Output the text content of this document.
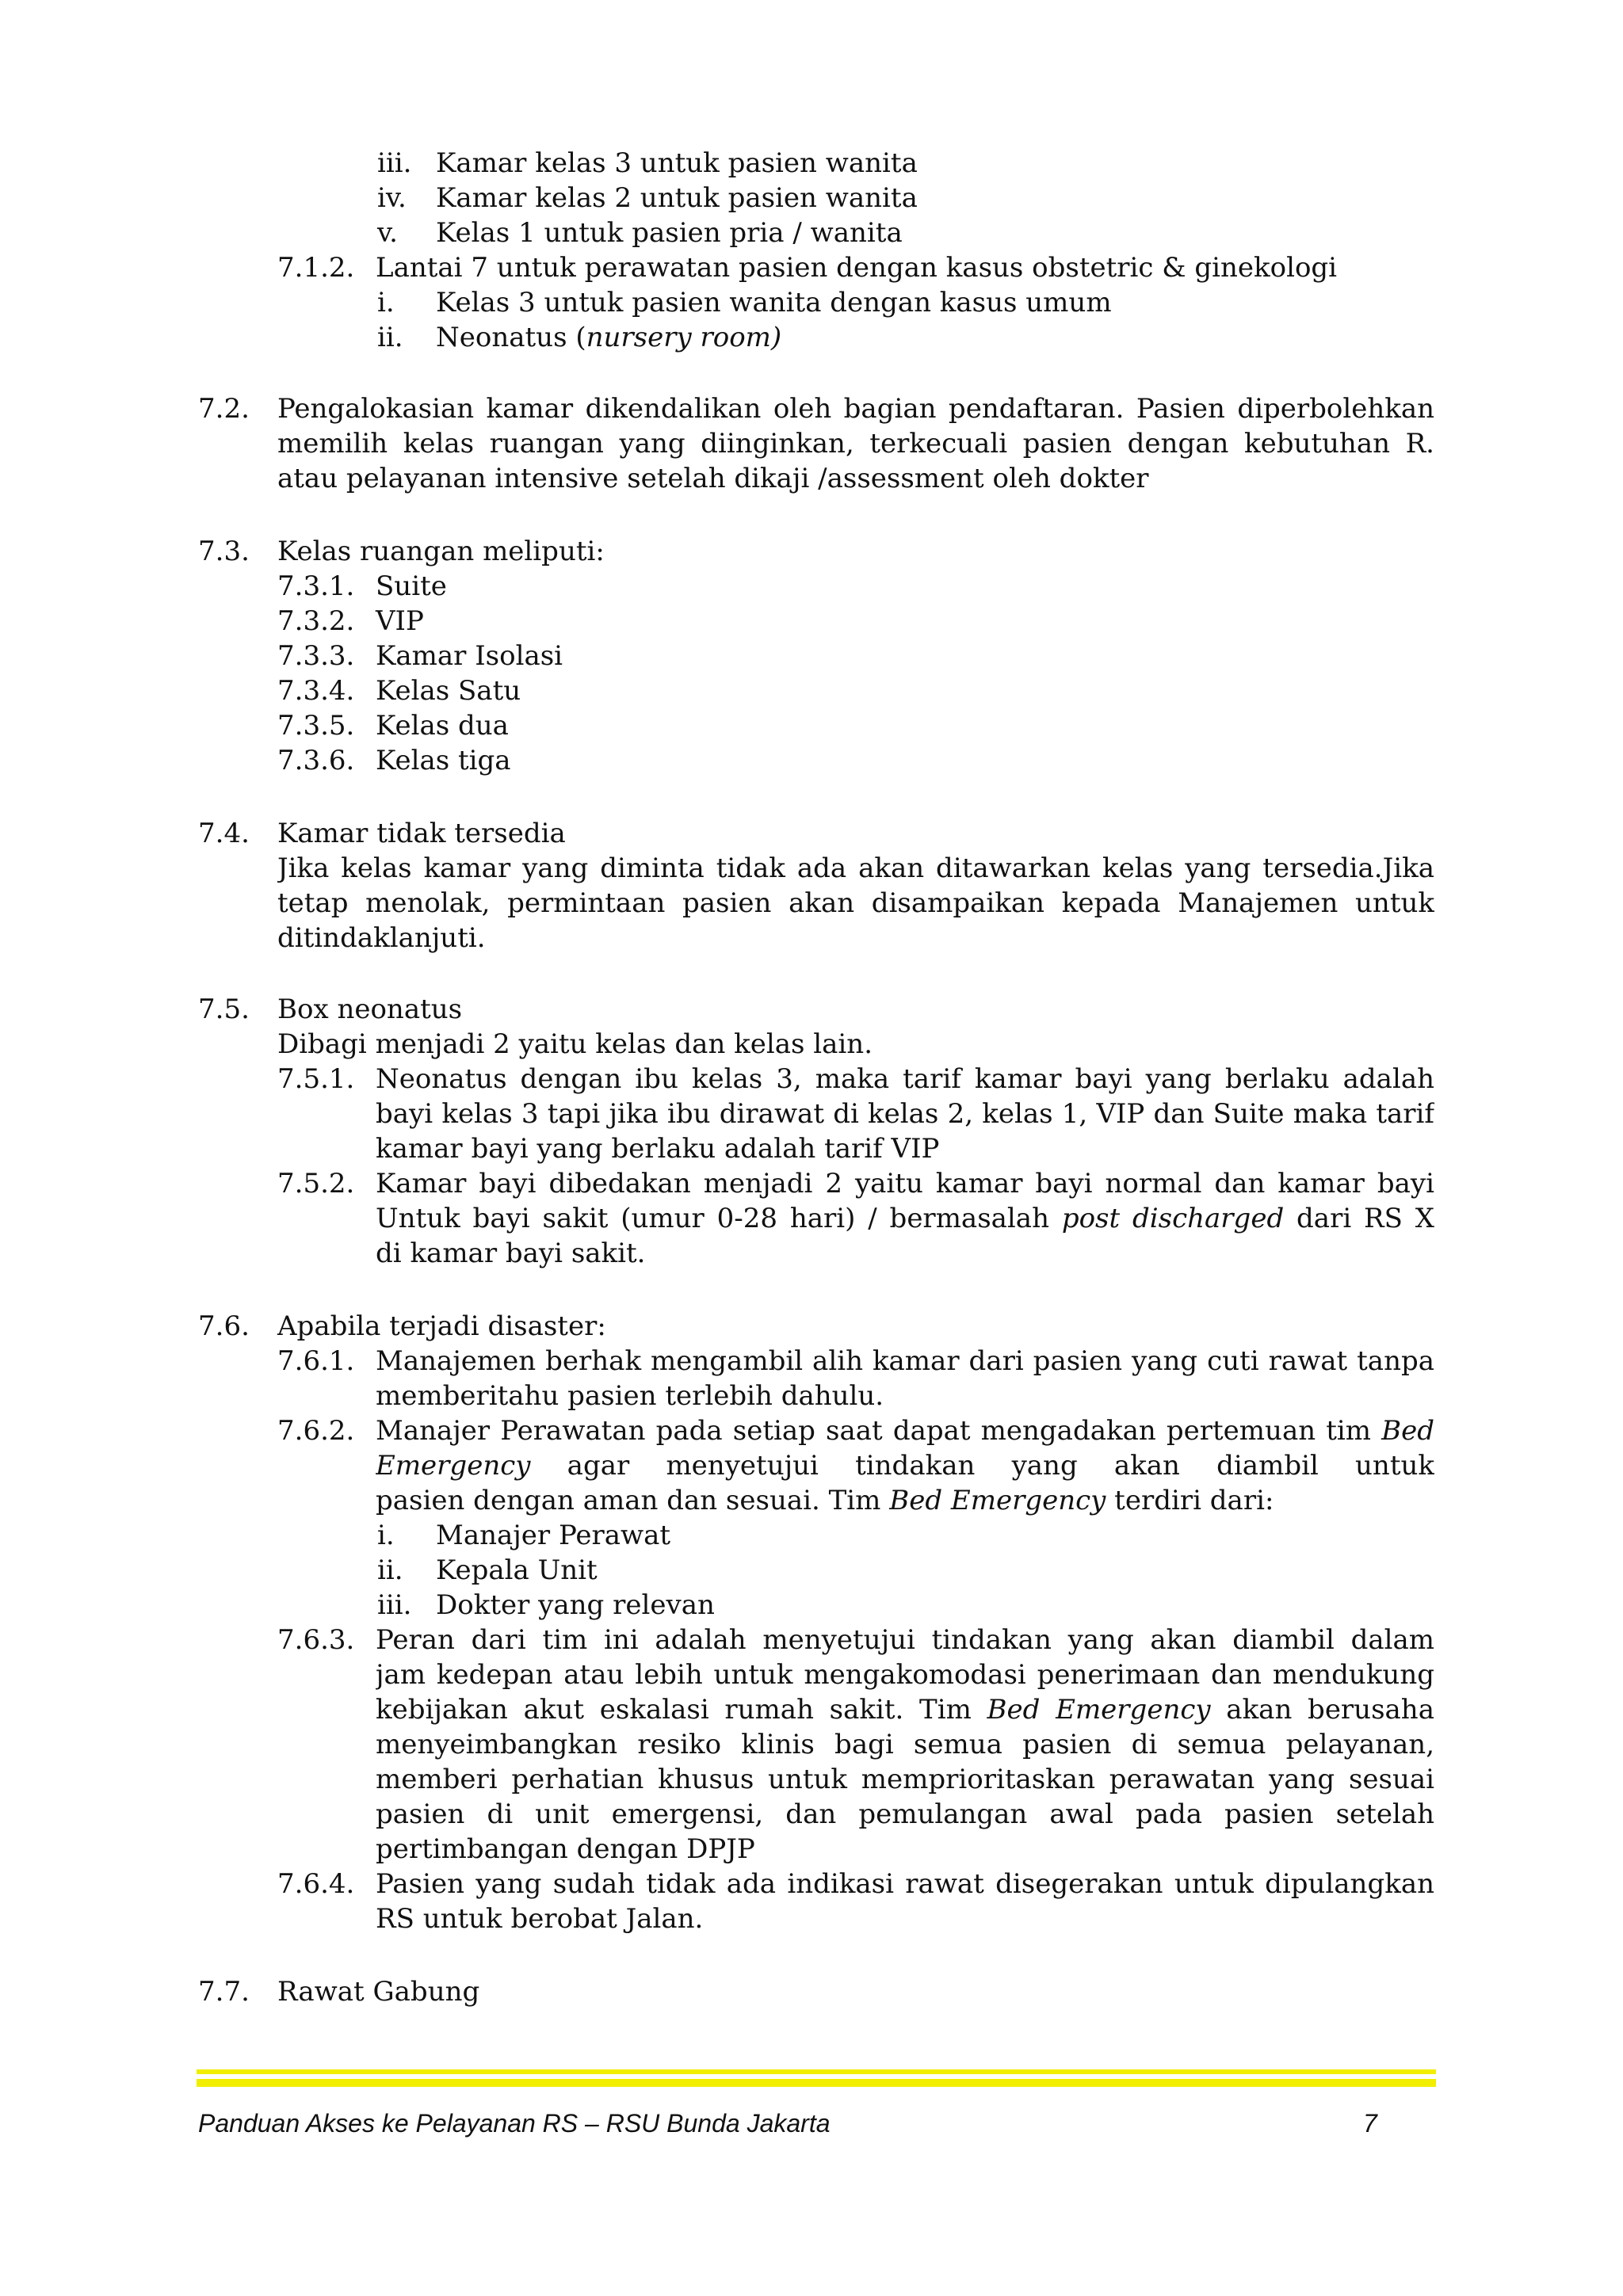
iii. Kamar kelas 3 untuk pasien wanita
iv. Kamar kelas 2 untuk pasien wanita
v. Kelas 1 untuk pasien pria / wanita
7.1.2. Lantai 7 untuk perawatan pasien dengan kasus obstetric & ginekologi
i. Kelas 3 untuk pasien wanita dengan kasus umum
ii. Neonatus (nursery room)
7.2. Pengalokasian kamar dikendalikan oleh bagian pendaftaran. Pasien diperbolehkan
memilih kelas ruangan yang diinginkan, terkecuali pasien dengan kebutuhan R.
atau pelayanan intensive setelah dikaji /assessment oleh dokter
7.3. Kelas ruangan meliputi:
7.3.1. Suite
7.3.2. VIP
7.3.3. Kamar Isolasi
7.3.4. Kelas Satu
7.3.5. Kelas dua
7.3.6. Kelas tiga
7.4. Kamar tidak tersedia
Jika kelas kamar yang diminta tidak ada akan ditawarkan kelas yang tersedia.Jika
tetap menolak, permintaan pasien akan disampaikan kepada Manajemen untuk
ditindaklanjuti.
7.5. Box neonatus
Dibagi menjadi 2 yaitu kelas dan kelas lain.
7.5.1. Neonatus dengan ibu kelas 3, maka tarif kamar bayi yang berlaku adalah
bayi kelas 3 tapi jika ibu dirawat di kelas 2, kelas 1, VIP dan Suite maka tarif
kamar bayi yang berlaku adalah tarif VIP
7.5.2. Kamar bayi dibedakan menjadi 2 yaitu kamar bayi normal dan kamar bayi
Untuk bayi sakit (umur 0-28 hari) / bermasalah post discharged dari RS X
di kamar bayi sakit.
7.6. Apabila terjadi disaster:
7.6.1. Manajemen berhak mengambil alih kamar dari pasien yang cuti rawat tanpa
memberitahu pasien terlebih dahulu.
7.6.2. Manajer Perawatan pada setiap saat dapat mengadakan pertemuan tim Bed
Emergency agar menyetujui tindakan yang akan diambil untuk
pasien dengan aman dan sesuai. Tim Bed Emergency terdiri dari:
i. Manajer Perawat
ii. Kepala Unit
iii. Dokter yang relevan
7.6.3. Peran dari tim ini adalah menyetujui tindakan yang akan diambil dalam
jam kedepan atau lebih untuk mengakomodasi penerimaan dan mendukung
kebijakan akut eskalasi rumah sakit. Tim Bed Emergency akan berusaha
menyeimbangkan resiko klinis bagi semua pasien di semua pelayanan,
memberi perhatian khusus untuk memprioritaskan perawatan yang sesuai
pasien di unit emergensi, dan pemulangan awal pada pasien setelah
pertimbangan dengan DPJP
7.6.4. Pasien yang sudah tidak ada indikasi rawat disegerakan untuk dipulangkan
RS untuk berobat Jalan.
7.7. Rawat Gabung
Panduan Akses ke Pelayanan RS – RSU Bunda Jakarta	7
